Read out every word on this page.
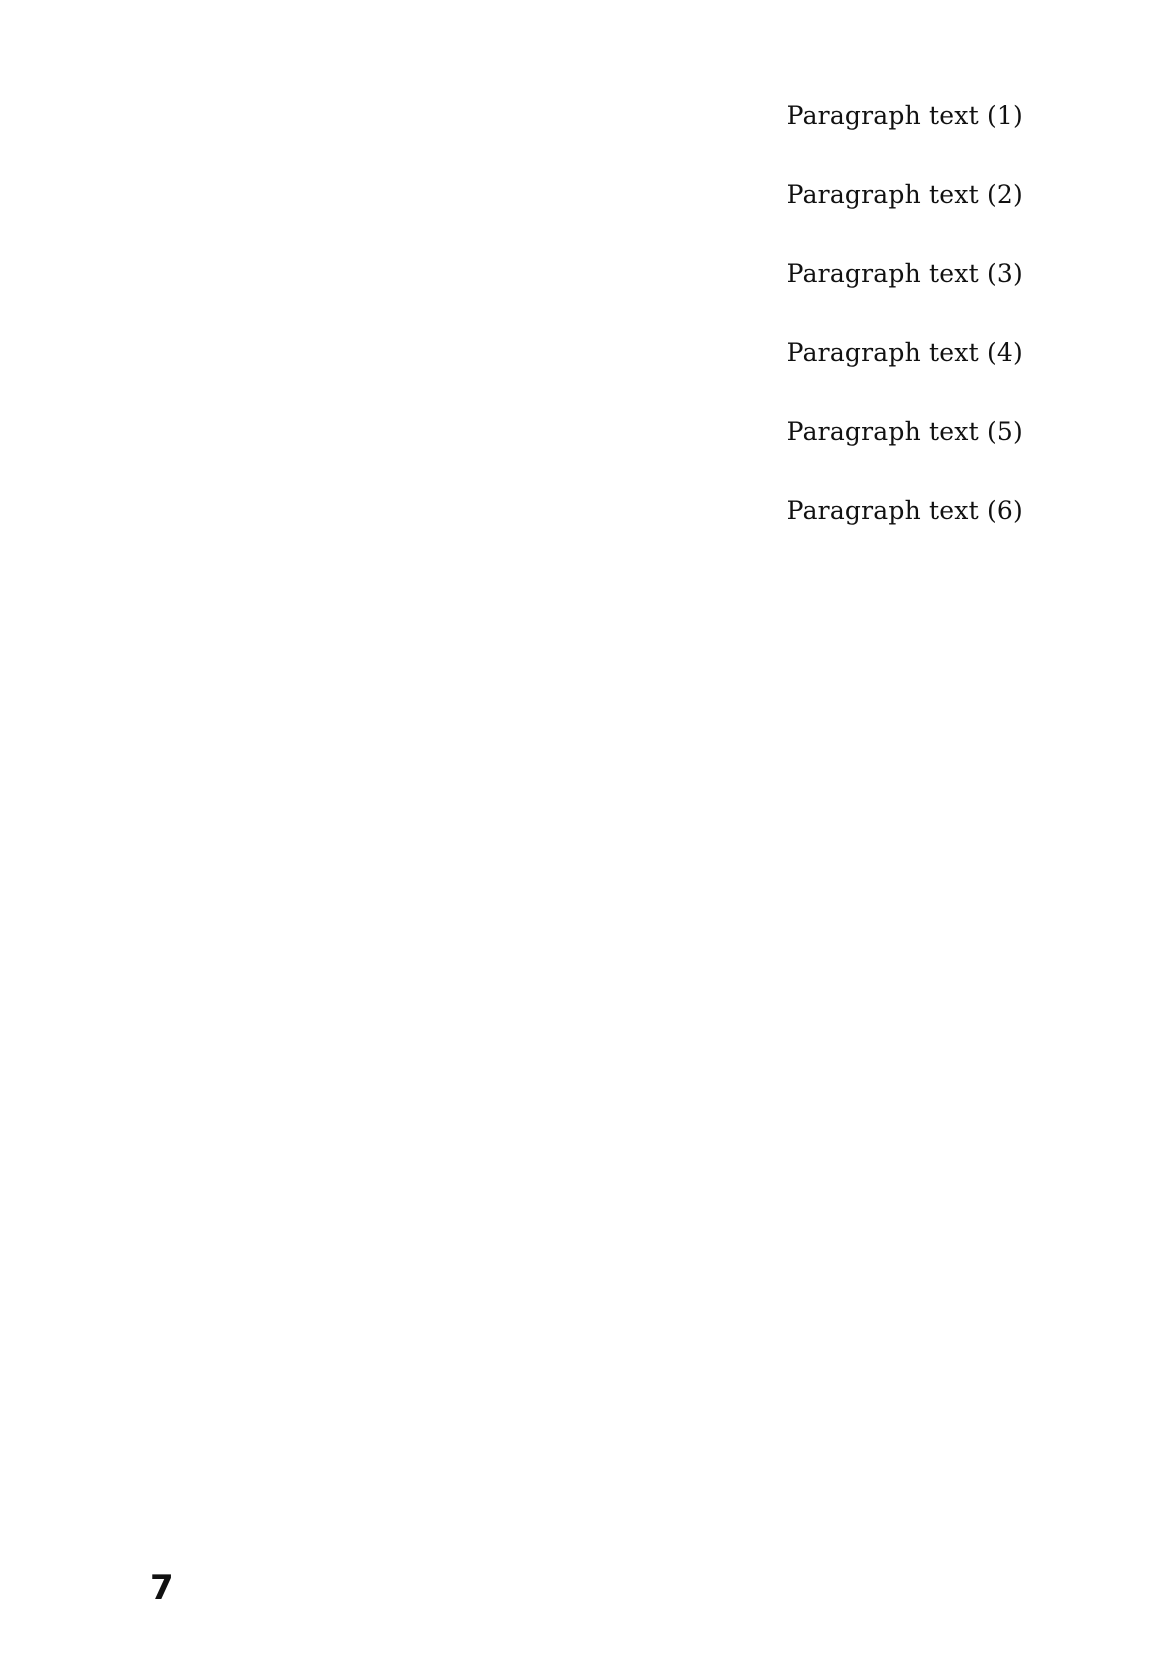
Paragraph text (1)

Paragraph text (2)

Paragraph text (3)

Paragraph text (4)

Paragraph text (5)

Paragraph text (6)

7
